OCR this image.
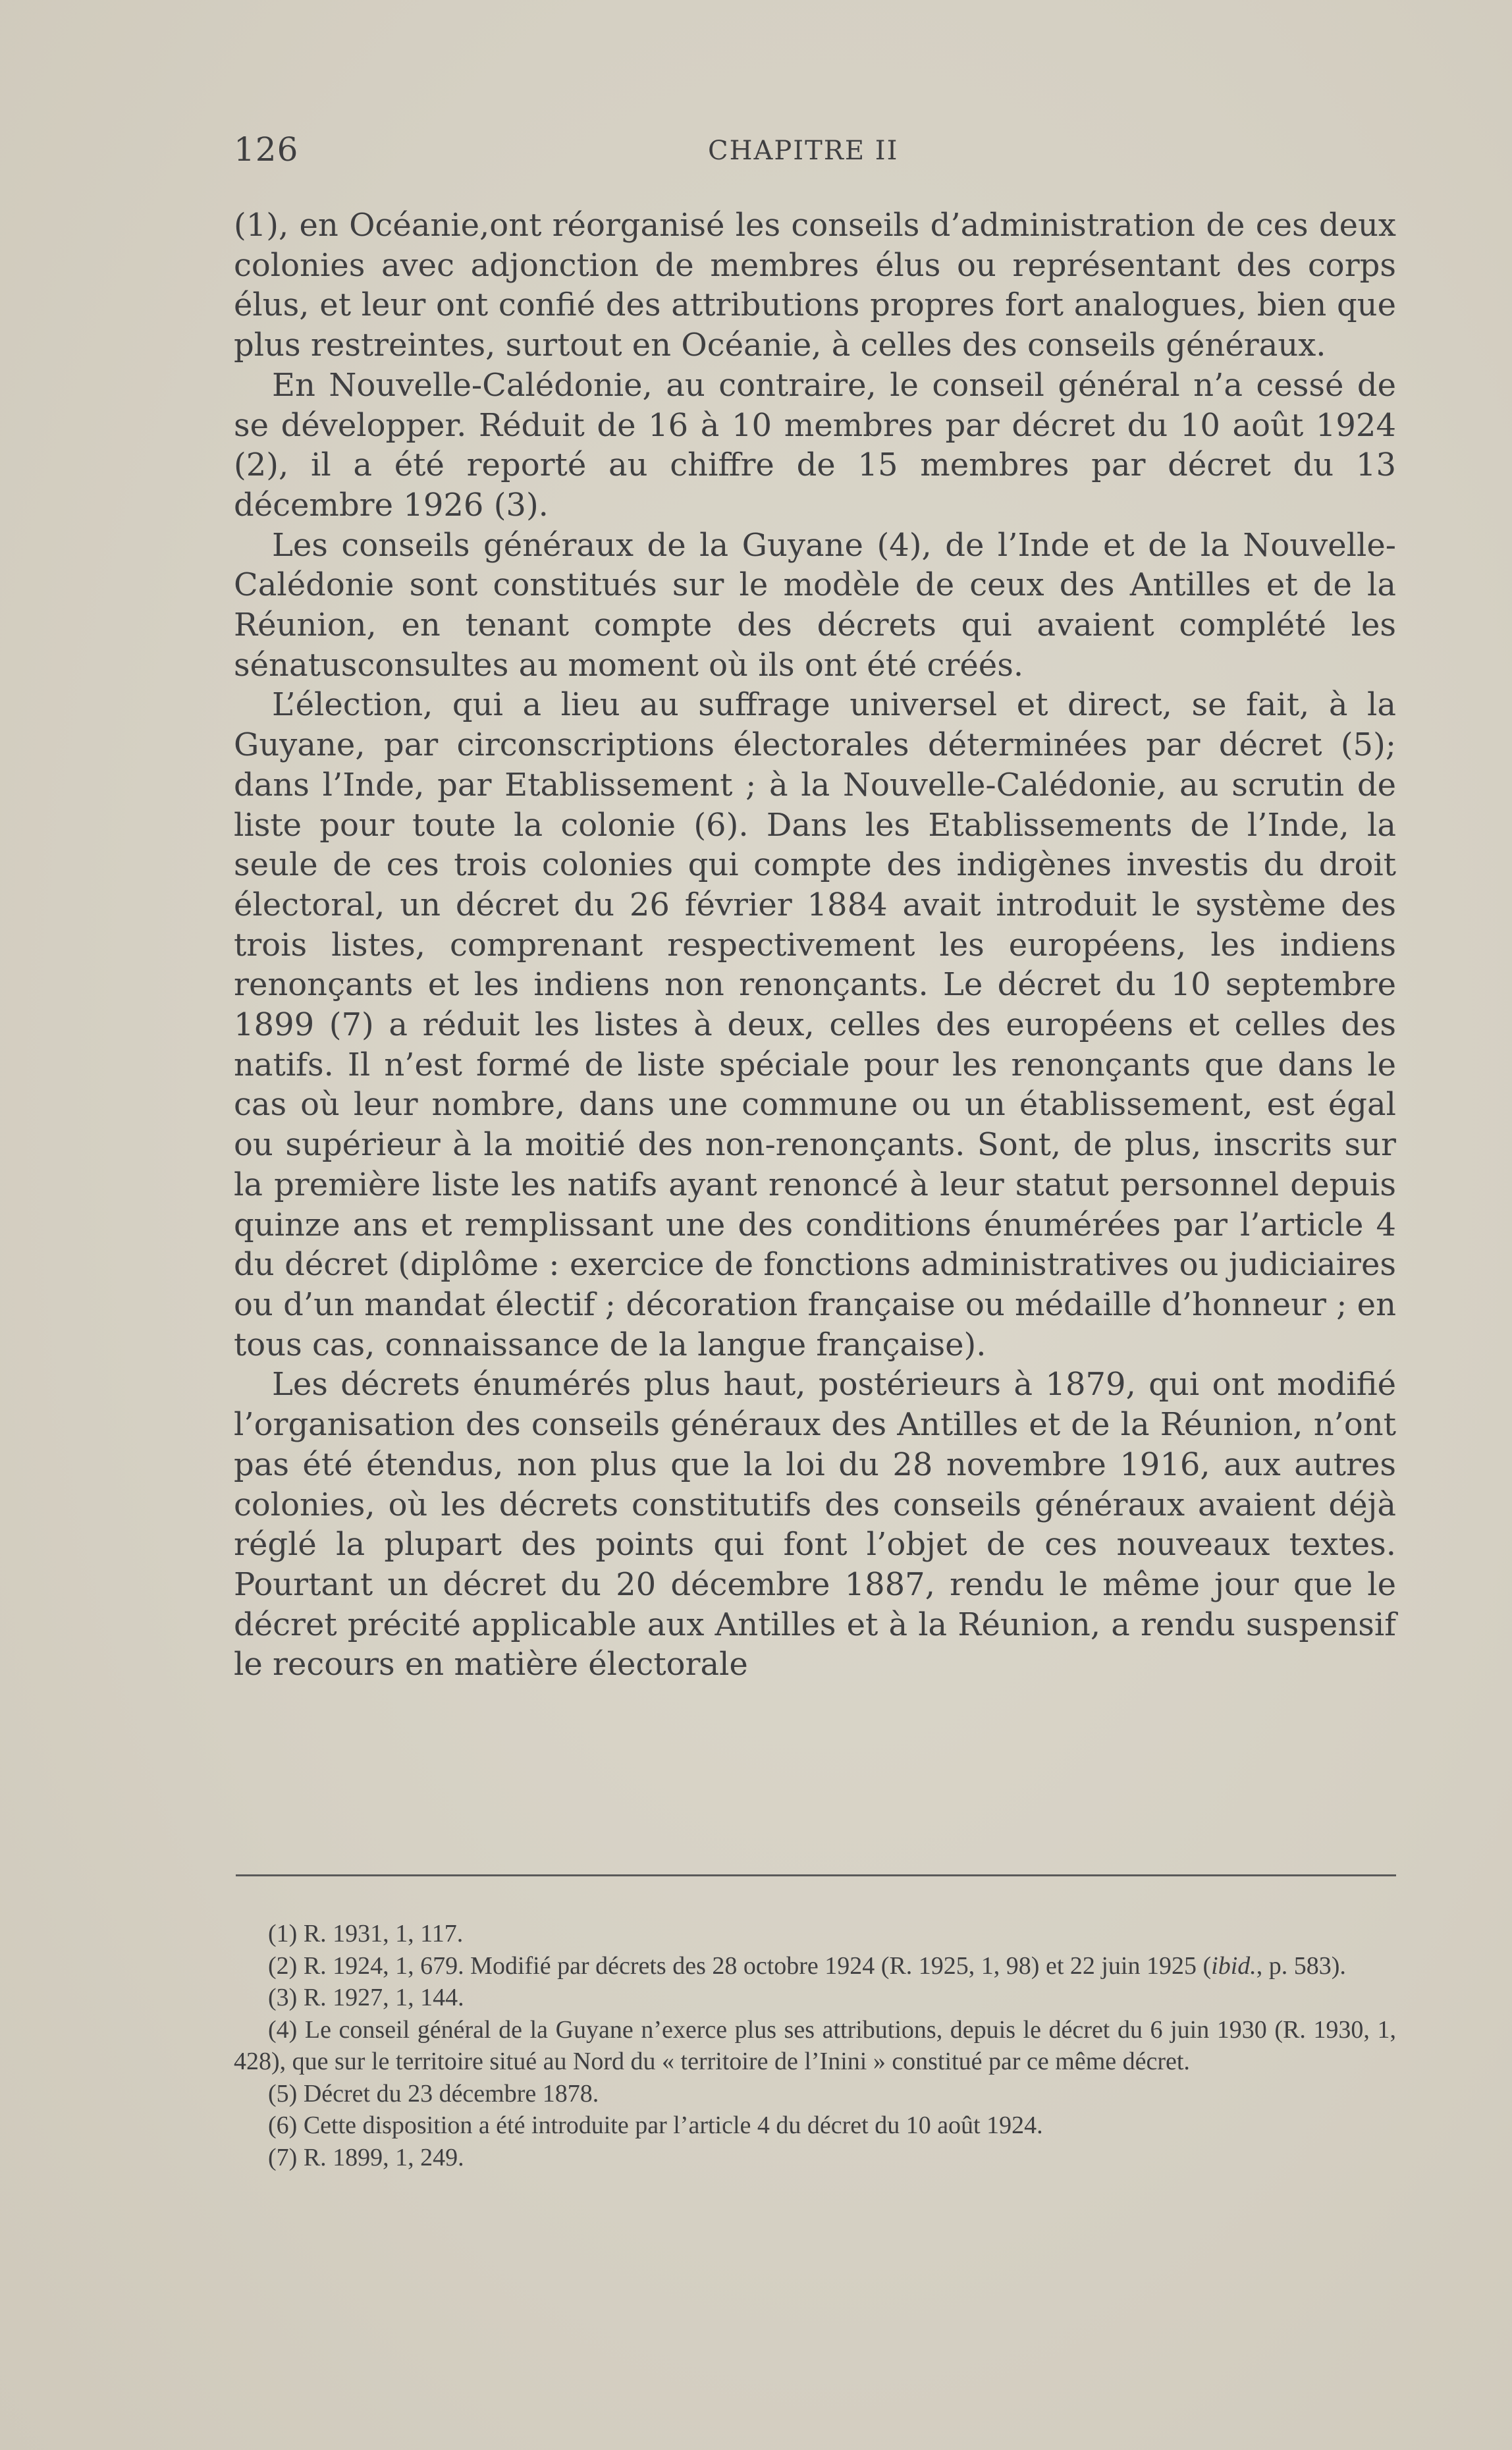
126	CHAPITRE II

(1), en Océanie,ont réorganisé les conseils d’administration de ces deux colonies avec adjonction de membres élus ou représentant des corps élus, et leur ont confié des attributions propres fort analogues, bien que plus restreintes, surtout en Océanie, à celles des conseils généraux.

En Nouvelle-Calédonie, au contraire, le conseil général n’a cessé de se développer. Réduit de 16 à 10 membres par décret du 10 août 1924 (2), il a été reporté au chiffre de 15 membres par décret du 13 décembre 1926 (3).

Les conseils généraux de la Guyane (4), de l’Inde et de la Nouvelle-Calédonie sont constitués sur le modèle de ceux des Antilles et de la Réunion, en tenant compte des décrets qui avaient complété les sénatusconsultes au moment où ils ont été créés.

L’élection, qui a lieu au suffrage universel et direct, se fait, à la Guyane, par circonscriptions électorales déterminées par décret (5); dans l’Inde, par Etablissement ; à la Nouvelle-Calédonie, au scrutin de liste pour toute la colonie (6). Dans les Etablissements de l’Inde, la seule de ces trois colonies qui compte des indigènes investis du droit électoral, un décret du 26 février 1884 avait introduit le système des trois listes, comprenant respectivement les européens, les indiens renonçants et les indiens non renonçants. Le décret du 10 septembre 1899 (7) a réduit les listes à deux, celles des européens et celles des natifs. Il n’est formé de liste spéciale pour les renonçants que dans le cas où leur nombre, dans une commune ou un établissement, est égal ou supérieur à la moitié des non-renonçants. Sont, de plus, inscrits sur la première liste les natifs ayant renoncé à leur statut personnel depuis quinze ans et remplissant une des conditions énumérées par l’article 4 du décret (diplôme : exercice de fonctions administratives ou judiciaires ou d’un mandat électif ; décoration française ou médaille d’honneur ; en tous cas, connaissance de la langue française).

Les décrets énumérés plus haut, postérieurs à 1879, qui ont modifié l’organisation des conseils généraux des Antilles et de la Réunion, n’ont pas été étendus, non plus que la loi du 28 novembre 1916, aux autres colonies, où les décrets constitutifs des conseils généraux avaient déjà réglé la plupart des points qui font l’objet de ces nouveaux textes. Pourtant un décret du 20 décembre 1887, rendu le même jour que le décret précité applicable aux Antilles et à la Réunion, a rendu suspensif le recours en matière électorale

(1) R. 1931, 1, 117.

(2) R. 1924, 1, 679. Modifié par décrets des 28 octobre 1924 (R. 1925, 1, 98) et 22 juin 1925 (ibid., p. 583).

(3) R. 1927, 1, 144.

(4) Le conseil général de la Guyane n’exerce plus ses attributions, depuis le décret du 6 juin 1930 (R. 1930, 1, 428), que sur le territoire situé au Nord du « territoire de l’Inini » constitué par ce même décret.

(5) Décret du 23 décembre 1878.

(6) Cette disposition a été introduite par l’article 4 du décret du 10 août 1924.

(7) R. 1899, 1, 249.
